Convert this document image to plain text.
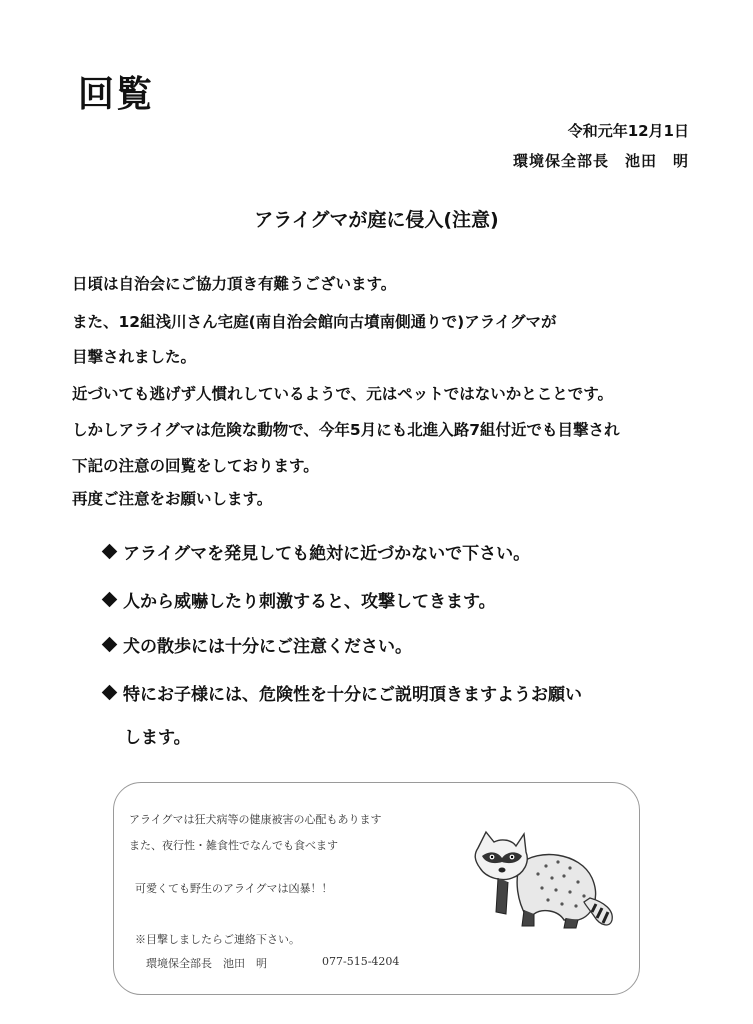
回覧
令和元年12月1日
環境保全部長　池田　明
アライグマが庭に侵入(注意)
日頃は自治会にご協力頂き有難うございます。
また、12組浅川さん宅庭(南自治会館向古墳南側通りで)アライグマが
目撃されました。
近づいても逃げず人慣れしているようで、元はペットではないかとことです。
しかしアライグマは危険な動物で、今年5月にも北進入路7組付近でも目撃され
下記の注意の回覧をしております。
再度ご注意をお願いします。
アライグマを発見しても絶対に近づかないで下さい。
人から威嚇したり刺激すると、攻撃してきます。
犬の散歩には十分にご注意ください。
特にお子様には、危険性を十分にご説明頂きますようお願い
します。
アライグマは狂犬病等の健康被害の心配もあります
また、夜行性・雑食性でなんでも食べます
可愛くても野生のアライグマは凶暴！！
※目撃しましたらご連絡下さい。
環境保全部長　池田　明	077-515-4204
